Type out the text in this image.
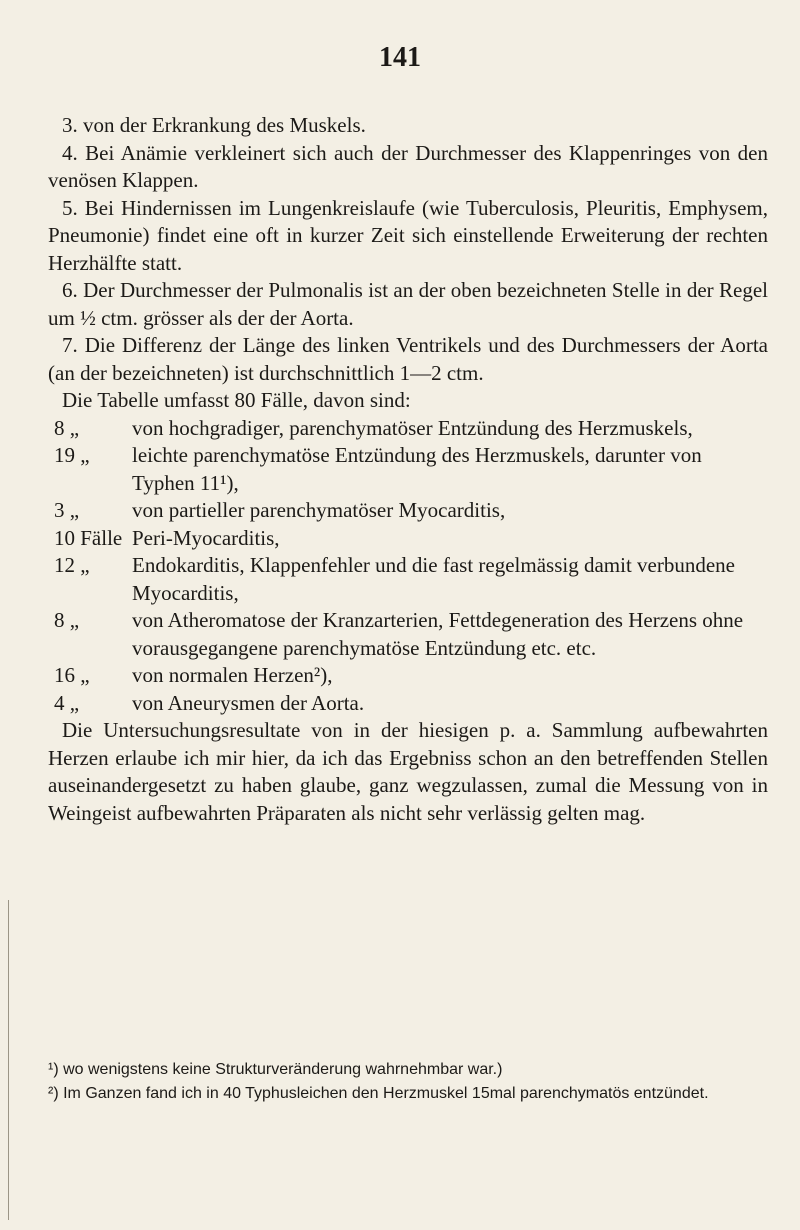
141

3. von der Erkrankung des Muskels.

4. Bei Anämie verkleinert sich auch der Durchmesser des Klappenringes von den venösen Klappen.

5. Bei Hindernissen im Lungenkreislaufe (wie Tuberculosis, Pleuritis, Emphysem, Pneumonie) findet eine oft in kurzer Zeit sich einstellende Erweiterung der rechten Herzhälfte statt.

6. Der Durchmesser der Pulmonalis ist an der oben bezeichneten Stelle in der Regel um ½ ctm. grösser als der der Aorta.

7. Die Differenz der Länge des linken Ventrikels und des Durchmessers der Aorta (an der bezeichneten) ist durchschnittlich 1—2 ctm.

Die Tabelle umfasst 80 Fälle, davon sind:

8 „	von hochgradiger, parenchymatöser Entzündung des Herzmuskels,
19 „	leichte parenchymatöse Entzündung des Herzmuskels, darunter von Typhen 11¹),
3 „	von partieller parenchymatöser Myocarditis,
10 Fälle Peri-Myocarditis,
12 „	Endokarditis, Klappenfehler und die fast regelmässig damit verbundene Myocarditis,
8 „	von Atheromatose der Kranzarterien, Fettdegeneration des Herzens ohne vorausgegangene parenchymatöse Entzündung etc. etc.
16 „	von normalen Herzen²),
4 „	von Aneurysmen der Aorta.

Die Untersuchungsresultate von in der hiesigen p. a. Sammlung aufbewahrten Herzen erlaube ich mir hier, da ich das Ergebniss schon an den betreffenden Stellen auseinandergesetzt zu haben glaube, ganz wegzulassen, zumal die Messung von in Weingeist aufbewahrten Präparaten als nicht sehr verlässig gelten mag.

¹) wo wenigstens keine Strukturveränderung wahrnehmbar war.)

²) Im Ganzen fand ich in 40 Typhusleichen den Herzmuskel 15mal parenchymatös entzündet.
